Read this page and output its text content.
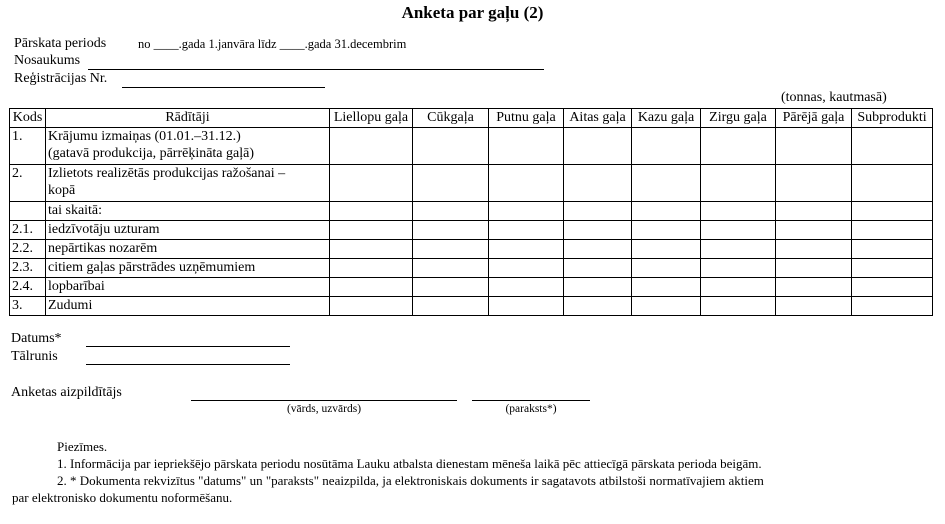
Anketa par gaļu (2)
Pārskata periods	no ____.gada 1.janvāra līdz ____.gada 31.decembrim
Nosaukums
Reģistrācijas Nr.
(tonnas, kautmasā)
Kods	Rādītāji	Liellopu gaļa	Cūkgaļa	Putnu gaļa	Aitas gaļa	Kazu gaļa	Zirgu gaļa	Pārējā gaļa	Subprodukti
1.	Krājumu izmaiņas (01.01.–31.12.)
(gatavā produkcija, pārrēķināta gaļā)								

2.	Izlietots realizētās produkcijas ražošanai –
kopā								

	tai skaitā:								
2.1.	iedzīvotāju uzturam								
2.2.	nepārtikas nozarēm								
2.3.	citiem gaļas pārstrādes uzņēmumiem								
2.4.	lopbarībai								
3.	Zudumi								
Datums*
Tālrunis
Anketas aizpildītājs
(vārds, uzvārds)	(paraksts*)
Piezīmes.
1. Informācija par iepriekšējo pārskata periodu nosūtāma Lauku atbalsta dienestam mēneša laikā pēc attiecīgā pārskata perioda beigām.
2. * Dokumenta rekvizītus "datums" un "paraksts" neaizpilda, ja elektroniskais dokuments ir sagatavots atbilstoši normatīvajiem aktiem
par elektronisko dokumentu noformēšanu.
